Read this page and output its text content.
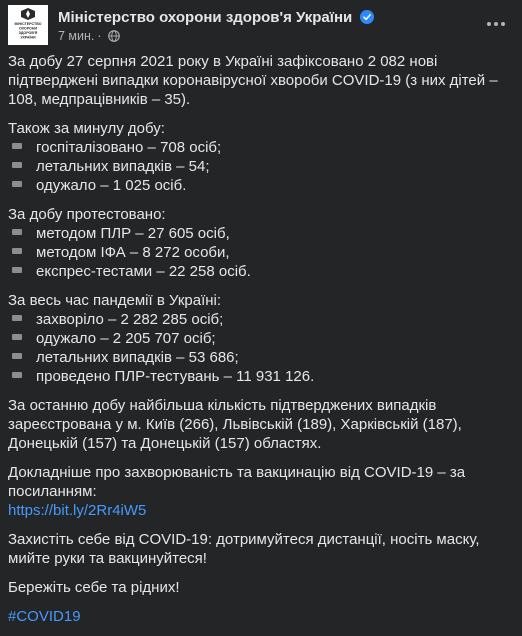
МІНІСТЕРСТВО
ОХОРОНИ
ЗДОРОВ'Я
УКРАЇНИ
Міністерство охорони здоров'я України
7 мин. ·

За добу 27 серпня 2021 року в Україні зафіксовано 2 082 нові підтверджені випадки коронавірусної хвороби COVID-19 (з них дітей – 108, медпрацівників – 35).

Також за минулу добу:
госпіталізовано – 708 осіб;
летальних випадків – 54;
одужало – 1 025 осіб.

За добу протестовано:
методом ПЛР – 27 605 осіб,
методом ІФА – 8 272 особи,
експрес-тестами – 22 258 осіб.

За весь час пандемії в Україні:
захворіло – 2 282 285 осіб;
одужало – 2 205 707 осіб;
летальних випадків – 53 686;
проведено ПЛР-тестувань – 11 931 126.

За останню добу найбільша кількість підтверджених випадків зареєстрована у м. Київ (266), Львівській (189), Харківській (187), Донецькій (157) та Донецькій (157) областях.

Докладніше про захворюваність та вакцинацію від COVID-19 – за посиланням:
https://bit.ly/2Rr4iW5

Захистіть себе від COVID-19: дотримуйтеся дистанції, носіть маску, мийте руки та вакцинуйтеся!

Бережіть себе та рідних!

#COVID19
